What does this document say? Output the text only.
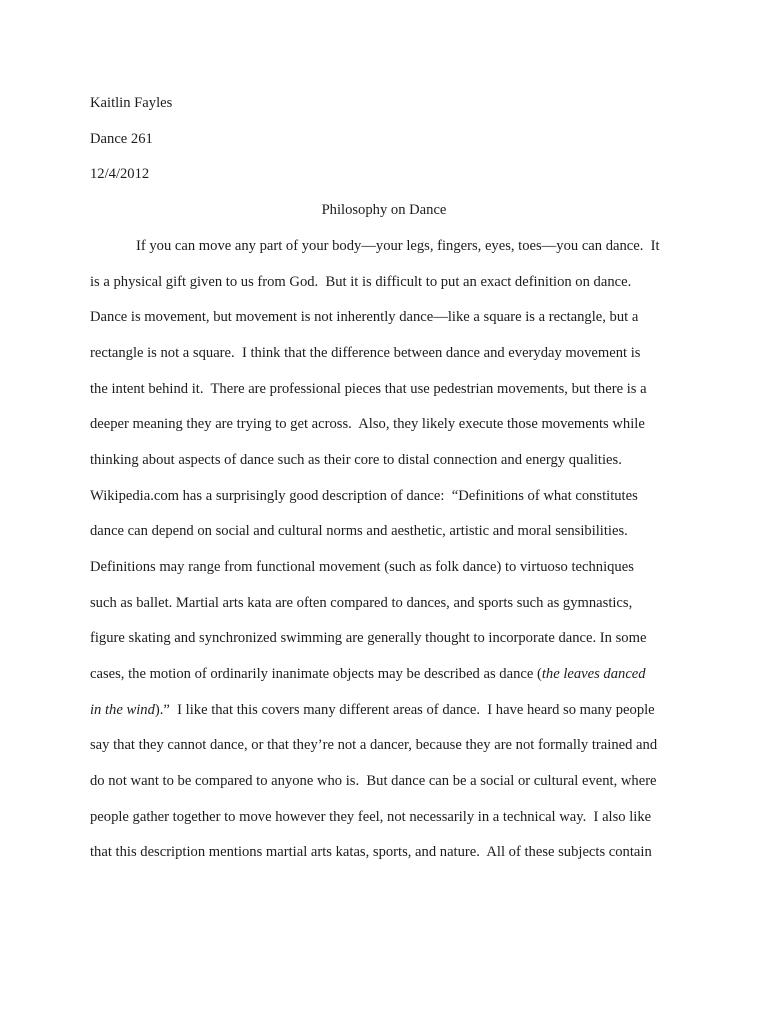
Kaitlin Fayles
Dance 261
12/4/2012
Philosophy on Dance
If you can move any part of your body—your legs, fingers, eyes, toes—you can dance.  It
is a physical gift given to us from God.  But it is difficult to put an exact definition on dance.
Dance is movement, but movement is not inherently dance—like a square is a rectangle, but a
rectangle is not a square.  I think that the difference between dance and everyday movement is
the intent behind it.  There are professional pieces that use pedestrian movements, but there is a
deeper meaning they are trying to get across.  Also, they likely execute those movements while
thinking about aspects of dance such as their core to distal connection and energy qualities.
Wikipedia.com has a surprisingly good description of dance:  “Definitions of what constitutes
dance can depend on social and cultural norms and aesthetic, artistic and moral sensibilities.
Definitions may range from functional movement (such as folk dance) to virtuoso techniques
such as ballet. Martial arts kata are often compared to dances, and sports such as gymnastics,
figure skating and synchronized swimming are generally thought to incorporate dance. In some
cases, the motion of ordinarily inanimate objects may be described as dance (the leaves danced
in the wind).”  I like that this covers many different areas of dance.  I have heard so many people
say that they cannot dance, or that they’re not a dancer, because they are not formally trained and
do not want to be compared to anyone who is.  But dance can be a social or cultural event, where
people gather together to move however they feel, not necessarily in a technical way.  I also like
that this description mentions martial arts katas, sports, and nature.  All of these subjects contain
